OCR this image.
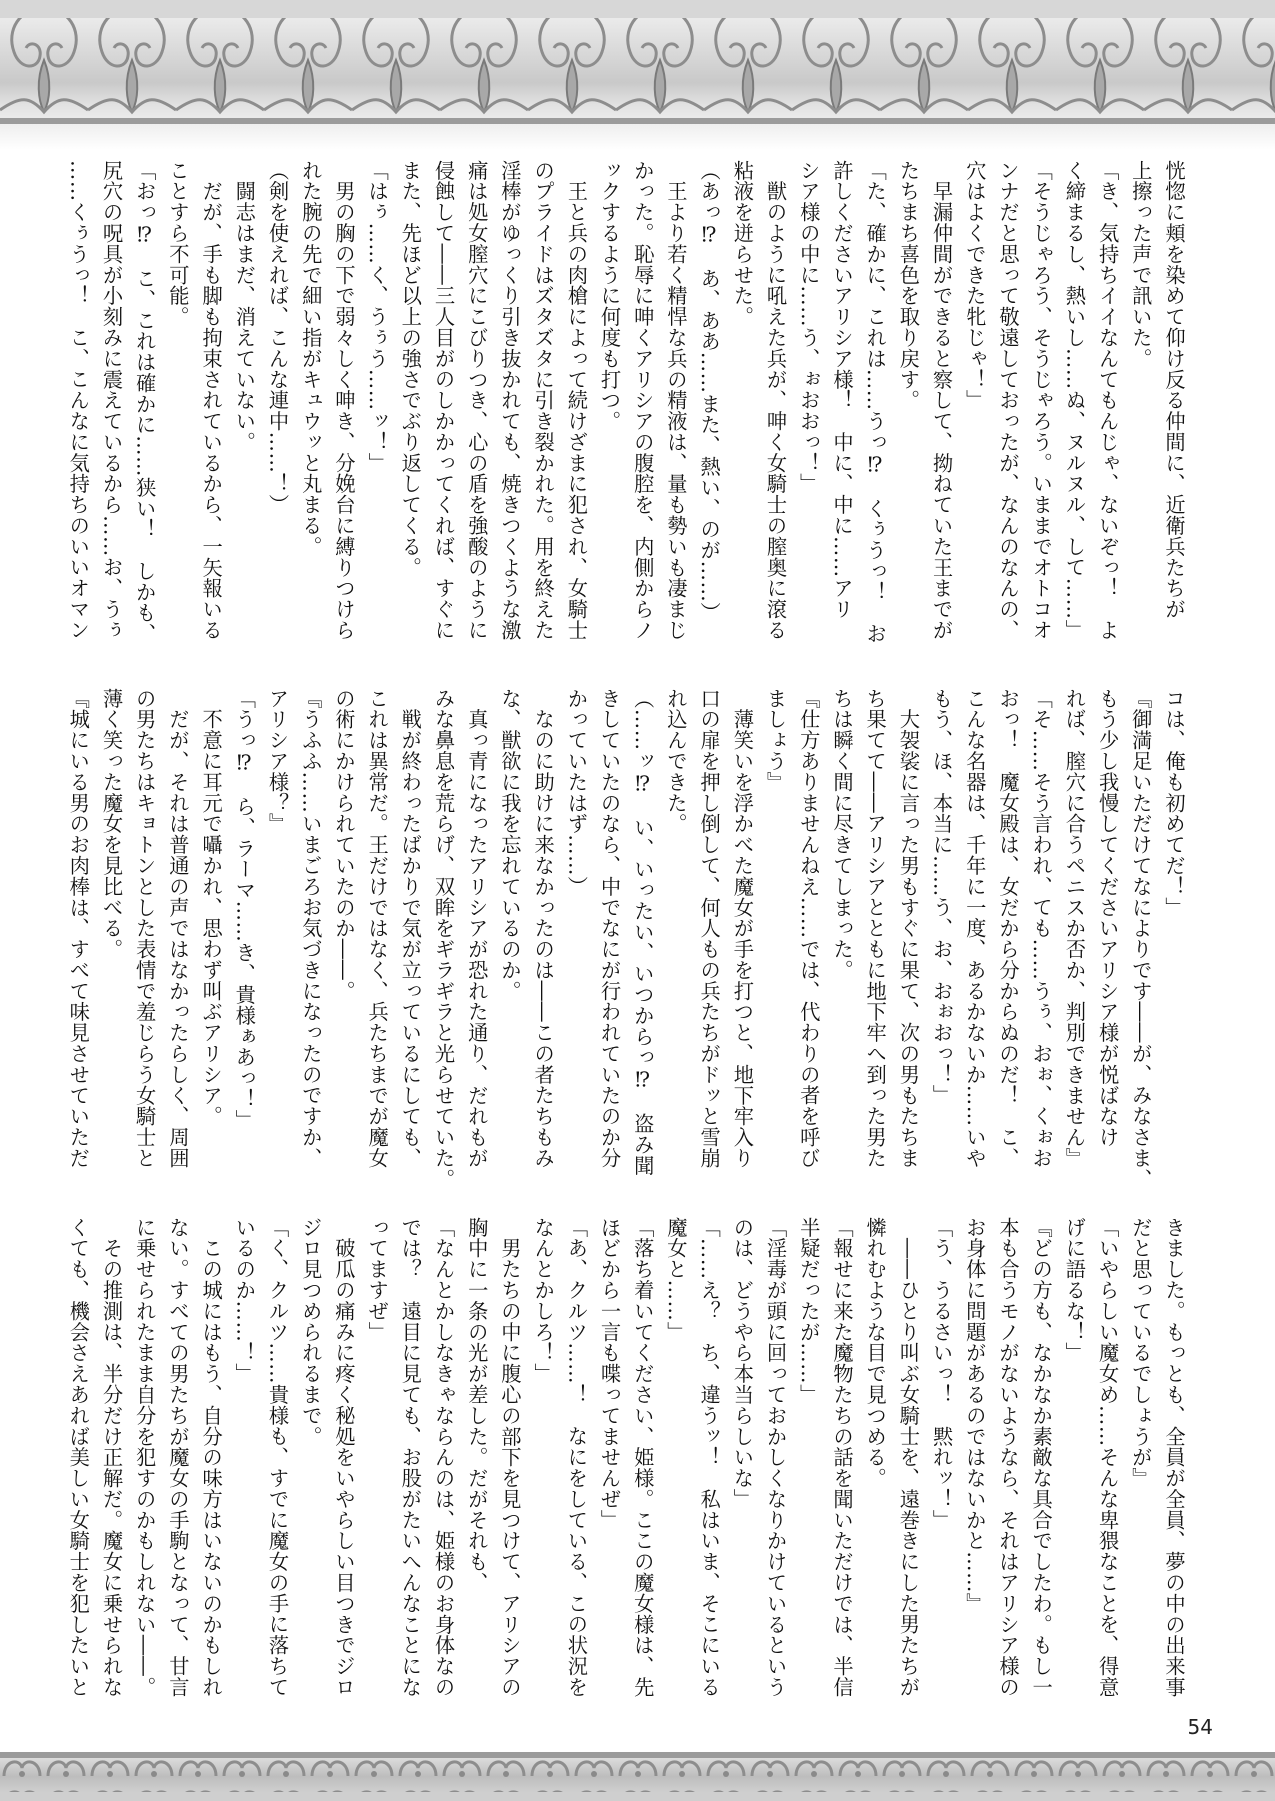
恍惚に頬を染めて仰け反る仲間に、近衛兵たちが

上擦った声で訊いた。

「き、気持ちイイなんてもんじゃ、ないぞっ！　よ

く締まるし、熱いし……ぬ、ヌルヌル、して……」

「そうじゃろう、そうじゃろう。いままでオトコオ

ンナだと思って敬遠しておったが、なんのなんの、

穴はよくできた牝じゃ！」

　早漏仲間ができると察して、拗ねていた王までが

たちまち喜色を取り戻す。

「た、確かに、これは……うっ⁉　くぅうっ！　お

許しくださいアリシア様！　中に、中に……アリ

シア様の中に……う、ぉおおっ！」

　獣のように吼えた兵が、呻く女騎士の膣奥に滾る

粘液を迸らせた。

（あっ⁉　あ、ああ……また、熱い、のが……）

　王より若く精悍な兵の精液は、量も勢いも凄まじ

かった。恥辱に呻くアリシアの腹腔を、内側からノ

ックするように何度も打つ。

　王と兵の肉槍によって続けざまに犯され、女騎士

のプライドはズタズタに引き裂かれた。用を終えた

淫棒がゆっくり引き抜かれても、焼きつくような激

痛は処女膣穴にこびりつき、心の盾を強酸のように

侵蝕して――三人目がのしかかってくれば、すぐに

また、先ほど以上の強さでぶり返してくる。

「はぅ……く、うぅう……ッ！」

　男の胸の下で弱々しく呻き、分娩台に縛りつけら

れた腕の先で細い指がキュウッと丸まる。

（剣を使えれば、こんな連中……！）

　闘志はまだ、消えていない。

　だが、手も脚も拘束されているから、一矢報いる

ことすら不可能。

「おっ⁉　こ、これは確かに……狭い！　しかも、

尻穴の呪具が小刻みに震えているから……お、うぅ

……くぅうっ！　こ、こんなに気持ちのいいオマン

コは、俺も初めてだ！」

『御満足いただけてなによりです――が、みなさま、

もう少し我慢してくださいアリシア様が悦ばなけ

れば、膣穴に合うペニスか否か、判別できません』

「そ……そう言われ、ても……うぅ、おぉ、くぉお

おっ！　魔女殿は、女だから分からぬのだ！　こ、

こんな名器は、千年に一度、あるかないか……いや

もう、ほ、本当に……う、お、おぉおっ！」

　大袈裟に言った男もすぐに果て、次の男もたちま

ち果てて――アリシアとともに地下牢へ到った男た

ちは瞬く間に尽きてしまった。

『仕方ありませんねえ……では、代わりの者を呼び

ましょう』

　薄笑いを浮かべた魔女が手を打つと、地下牢入り

口の扉を押し倒して、何人もの兵たちがドッと雪崩

れ込んできた。

（……ッ⁉　い、いったい、いつからっ⁉　盗み聞

きしていたのなら、中でなにが行われていたのか分

かっていたはず……）

　なのに助けに来なかったのは――この者たちもみ

な、獣欲に我を忘れているのか。

　真っ青になったアリシアが恐れた通り、だれもが

みな鼻息を荒らげ、双眸をギラギラと光らせていた。

　戦が終わったばかりで気が立っているにしても、

これは異常だ。王だけではなく、兵たちまでが魔女

の術にかけられていたのか――。

『うふふ……いまごろお気づきになったのですか、

アリシア様？』

「うっ⁉　ら、ラーマ……き、貴様ぁあっ！」

　不意に耳元で囁かれ、思わず叫ぶアリシア。

　だが、それは普通の声ではなかったらしく、周囲

の男たちはキョトンとした表情で羞じらう女騎士と

薄く笑った魔女を見比べる。

『城にいる男のお肉棒は、すべて味見させていただ

きました。もっとも、全員が全員、夢の中の出来事

だと思っているでしょうが』

「いやらしい魔女め……そんな卑猥なことを、得意

げに語るな！」

『どの方も、なかなか素敵な具合でしたわ。もし一

本も合うモノがないようなら、それはアリシア様の

お身体に問題があるのではないかと……』

「う、うるさいっ！　黙れッ！」

　――ひとり叫ぶ女騎士を、遠巻きにした男たちが

憐れむような目で見つめる。

「報せに来た魔物たちの話を聞いただけでは、半信

半疑だったが……」

「淫毒が頭に回っておかしくなりかけているという

のは、どうやら本当らしいな」

「……え？　ち、違うッ！　私はいま、そこにいる

魔女と……」

「落ち着いてください、姫様。ここの魔女様は、先

ほどから一言も喋ってませんぜ」

「あ、クルツ……！　なにをしている、この状況を

なんとかしろ！」

　男たちの中に腹心の部下を見つけて、アリシアの

胸中に一条の光が差した。だがそれも、

「なんとかしなきゃならんのは、姫様のお身体なの

では？　遠目に見ても、お股がたいへんなことにな

ってますぜ」

　破瓜の痛みに疼く秘処をいやらしい目つきでジロ

ジロ見つめられるまで。

「く、クルツ……貴様も、すでに魔女の手に落ちて

いるのか……！」

　この城にはもう、自分の味方はいないのかもしれ

ない。すべての男たちが魔女の手駒となって、甘言

に乗せられたまま自分を犯すのかもしれない――。

　その推測は、半分だけ正解だ。魔女に乗せられな

くても、機会さえあれば美しい女騎士を犯したいと

54
